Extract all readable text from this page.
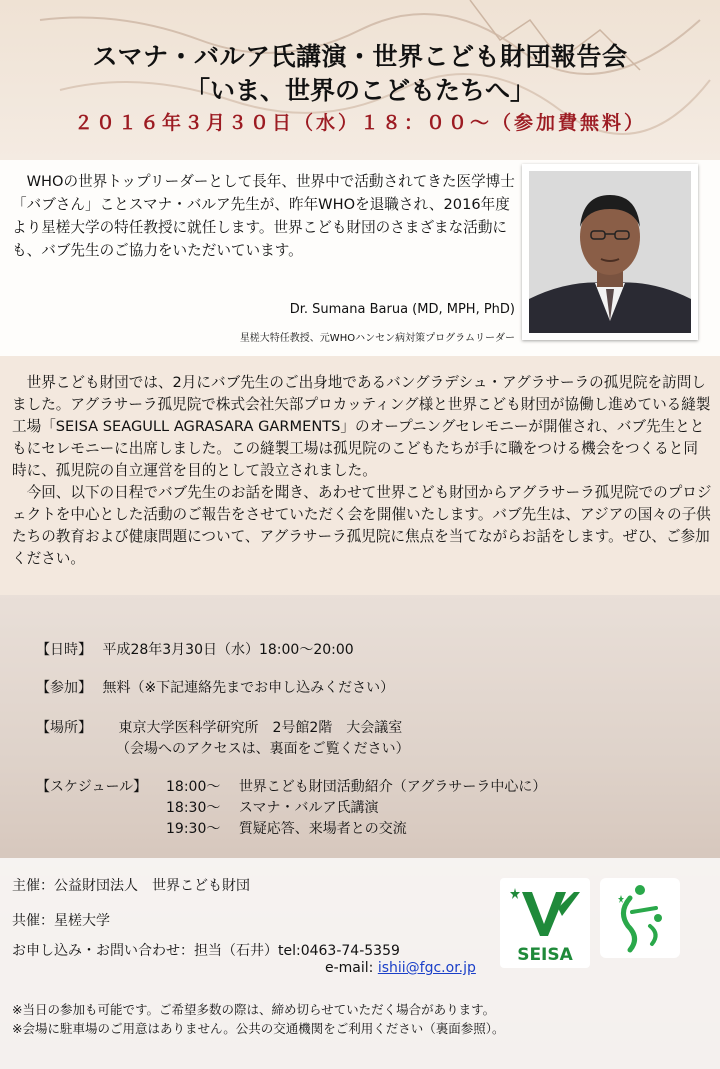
スマナ・バルア氏講演・世界こども財団報告会
「いま、世界のこどもたちへ」
２０１６年３月３０日（水）１８：００〜（参加費無料）
WHOの世界トップリーダーとして長年、世界中で活動されてきた医学博士「バブさん」ことスマナ・バルア先生が、昨年WHOを退職され、2016年度より星槎大学の特任教授に就任します。世界こども財団のさまざまな活動にも、バブ先生のご協力をいただいています。
Dr. Sumana Barua (MD, MPH, PhD)
星槎大特任教授、元WHOハンセン病対策プログラムリーダー

世界こども財団では、2月にバブ先生のご出身地であるバングラデシュ・アグラサーラの孤児院を訪問しました。アグラサーラ孤児院で株式会社矢部プロカッティング様と世界こども財団が協働し進めている縫製工場「SEISA SEAGULL AGRASARA GARMENTS」のオープニングセレモニーが開催され、バブ先生とともにセレモニーに出席しました。この縫製工場は孤児院のこどもたちが手に職をつける機会をつくると同時に、孤児院の自立運営を目的として設立されました。

今回、以下の日程でバブ先生のお話を聞き、あわせて世界こども財団からアグラサーラ孤児院でのプロジェクトを中心とした活動のご報告をさせていただく会を開催いたします。バブ先生は、アジアの国々の子供たちの教育および健康問題について、アグラサーラ孤児院に焦点を当てながらお話をします。ぜひ、ご参加ください。

【日時】 平成28年3月30日（水）18:00〜20:00
【参加】 無料（※下記連絡先までお申し込みください）
【場所】 東京大学医科学研究所　2号館2階　大会議室
（会場へのアクセスは、裏面をご覧ください）
【スケジュール】 18:00〜 世界こども財団活動紹介（アグラサーラ中心に）
18:30〜 スマナ・バルア氏講演
19:30〜 質疑応答、来場者との交流
主催：公益財団法人　世界こども財団
共催：星槎大学
お申し込み・お問い合わせ：担当（石井）tel:0463-74-5359
e-mail: ishii@fgc.or.jp
※当日の参加も可能です。ご希望多数の際は、締め切らせていただく場合があります。
※会場に駐車場のご用意はありません。公共の交通機関をご利用ください（裏面参照）。
SEISA
